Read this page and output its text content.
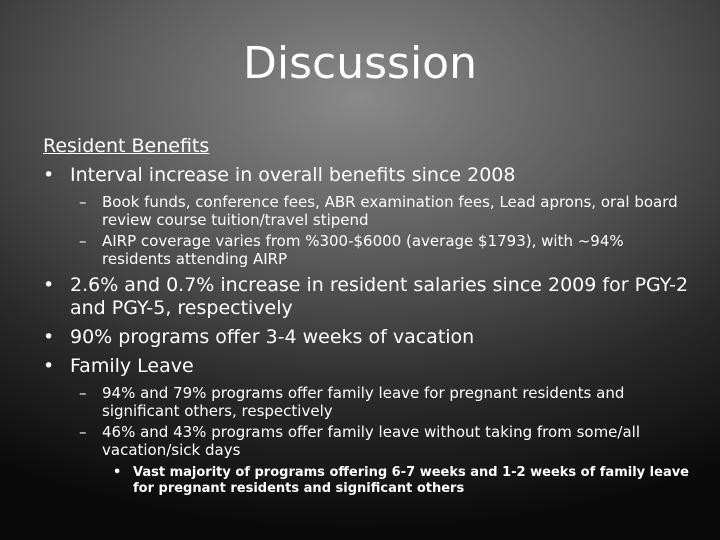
Discussion
Resident Benefits
• Interval increase in overall benefits since 2008
– Book funds, conference fees, ABR examination fees, Lead aprons, oral board review course tuition/travel stipend
– AIRP coverage varies from %300-$6000 (average $1793), with ~94% residents attending AIRP
• 2.6% and 0.7% increase in resident salaries since 2009 for PGY-2 and PGY-5, respectively
• 90% programs offer 3-4 weeks of vacation
• Family Leave
– 94% and 79% programs offer family leave for pregnant residents and significant others, respectively
– 46% and 43% programs offer family leave without taking from some/all vacation/sick days
• Vast majority of programs offering 6-7 weeks and 1-2 weeks of family leave for pregnant residents and significant others
